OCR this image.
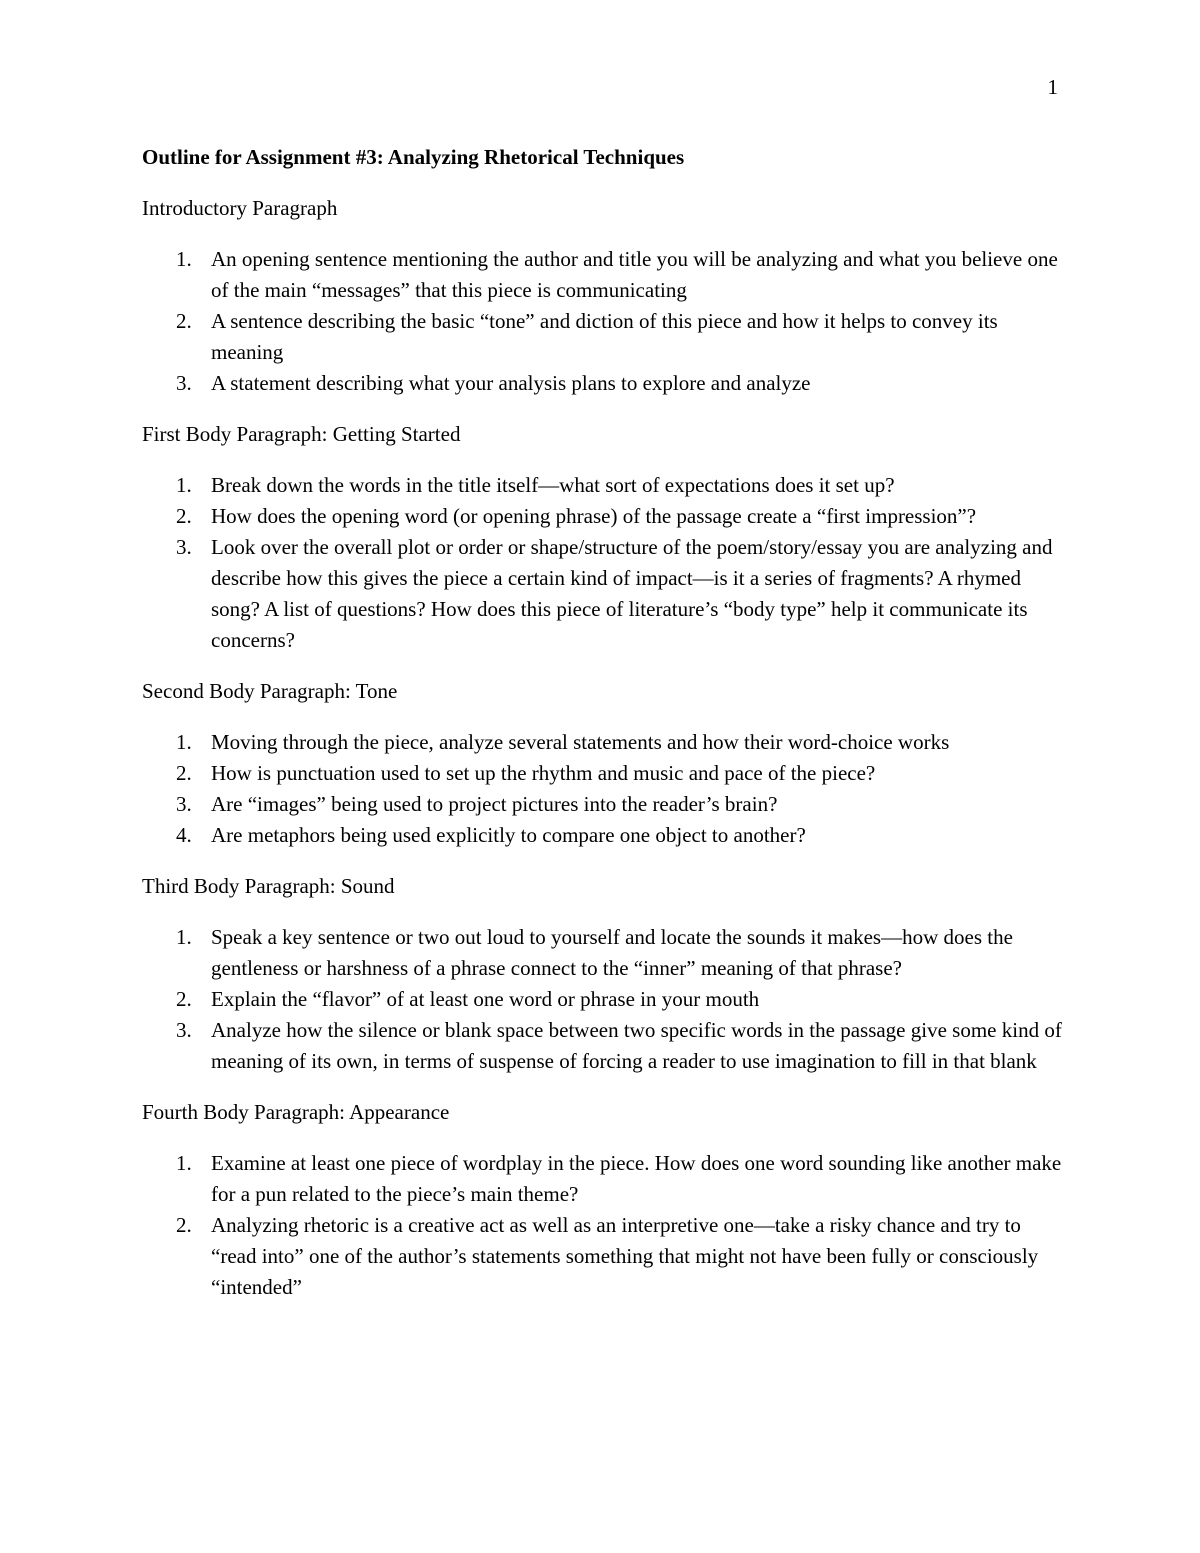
1
Outline for Assignment #3: Analyzing Rhetorical Techniques
Introductory Paragraph
1. An opening sentence mentioning the author and title you will be analyzing and what you believe one of the main “messages” that this piece is communicating
2. A sentence describing the basic “tone” and diction of this piece and how it helps to convey its meaning
3. A statement describing what your analysis plans to explore and analyze
First Body Paragraph: Getting Started
1. Break down the words in the title itself—what sort of expectations does it set up?
2. How does the opening word (or opening phrase) of the passage create a “first impression”?
3. Look over the overall plot or order or shape/structure of the poem/story/essay you are analyzing and describe how this gives the piece a certain kind of impact—is it a series of fragments? A rhymed song? A list of questions? How does this piece of literature’s “body type” help it communicate its concerns?
Second Body Paragraph: Tone
1. Moving through the piece, analyze several statements and how their word-choice works
2. How is punctuation used to set up the rhythm and music and pace of the piece?
3. Are “images” being used to project pictures into the reader’s brain?
4. Are metaphors being used explicitly to compare one object to another?
Third Body Paragraph: Sound
1. Speak a key sentence or two out loud to yourself and locate the sounds it makes—how does the gentleness or harshness of a phrase connect to the “inner” meaning of that phrase?
2. Explain the “flavor” of at least one word or phrase in your mouth
3. Analyze how the silence or blank space between two specific words in the passage give some kind of meaning of its own, in terms of suspense of forcing a reader to use imagination to fill in that blank
Fourth Body Paragraph: Appearance
1. Examine at least one piece of wordplay in the piece. How does one word sounding like another make for a pun related to the piece’s main theme?
2. Analyzing rhetoric is a creative act as well as an interpretive one—take a risky chance and try to “read into” one of the author’s statements something that might not have been fully or consciously “intended”
